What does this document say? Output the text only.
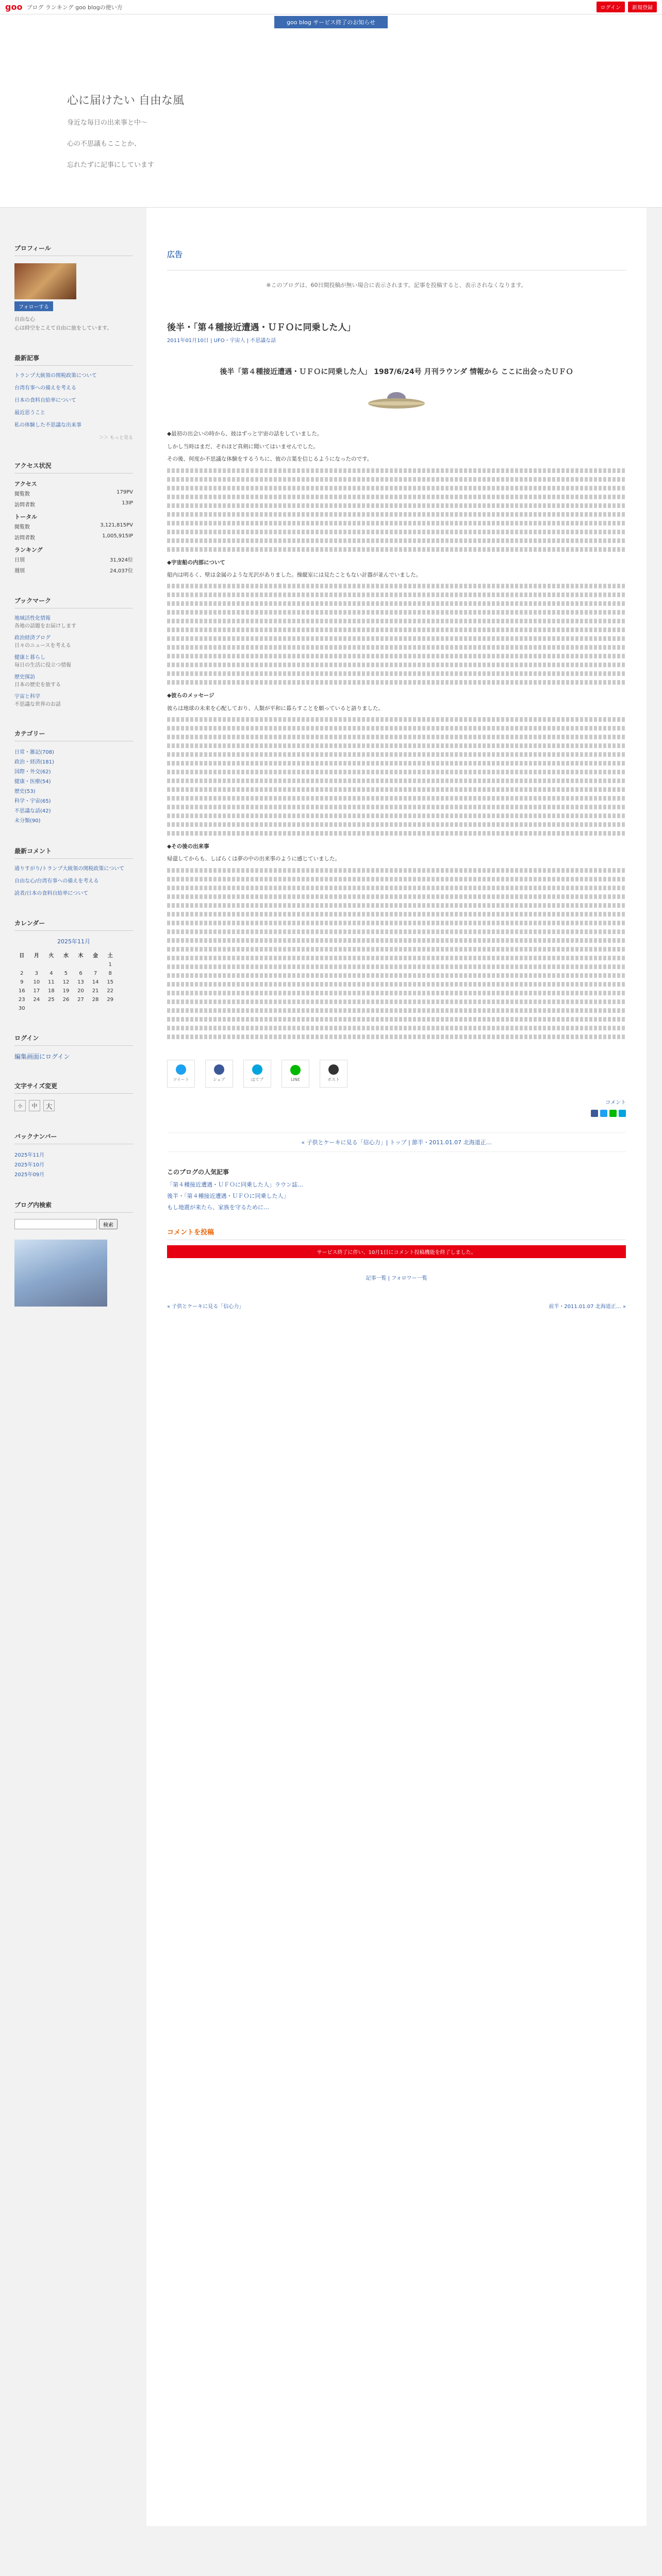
goo ブログ ランキング goo blogの使い方	ログイン	新規登録
goo blog サービス終了のお知らせ
心に届けたい 自由な風

身近な毎日の出来事と中～

心の不思議もこことか、

忘れたずに記事にしています

プロフィール
フォローする
自由な心
心は時空をこえて自由に旅をしています。
最新記事
トランプ大統領の関税政策について
台湾有事への備えを考える
日本の食料自給率について
最近思うこと
私の体験した不思議な出来事
＞＞ もっと見る
アクセス状況
アクセス
閲覧数	179PV
訪問者数	13IP
トータル
閲覧数	3,121,815PV
訪問者数	1,005,915IP
ランキング
日別	31,924位
週別	24,037位
ブックマーク
地域活性化情報
各地の話題をお届けします
政治経済ブログ
日々のニュースを考える
健康と暮らし
毎日の生活に役立つ情報
歴史探訪
日本の歴史を旅する
宇宙と科学
不思議な世界のお話
カテゴリー
日常・雑記(708)
政治・経済(181)
国際・外交(62)
健康・医療(54)
歴史(53)
科学・宇宙(65)
不思議な話(42)
未分類(90)
最新コメント
通りすがり/トランプ大統領の関税政策について
自由な心/台湾有事への備えを考える
読者/日本の食料自給率について
カレンダー
2025年11月
日	月	火	水	木	金	土
						1
2	3	4	5	6	7	8
9	10	11	12	13	14	15
16	17	18	19	20	21	22
23	24	25	26	27	28	29
30						
ログイン
編集画面にログイン
文字サイズ変更
小	中	大
バックナンバー
2025年11月
2025年10月
2025年09月
ブログ内検索
検索
広告
※このブログは、60日間投稿が無い場合に表示されます。記事を投稿すると、表示されなくなります。
後半・「第４種接近遭遇・ＵＦＯに同乗した人」
2011年01月10日 | UFO・宇宙人 | 不思議な話
後半「第４種接近遭遇・ＵＦＯに同乗した人」 1987/6/24号 月刊ラウンダ 情報から ここに出会ったＵＦＯ

◆最初の出会いの時から、彼はずっと宇宙の話をしていました。

しかし当時はまだ、それほど真剣に聞いてはいませんでした。

その後、何度か不思議な体験をするうちに、彼の言葉を信じるようになったのです。

◆宇宙船の内部について

船内は明るく、壁は金属のような光沢がありました。操縦室には見たこともない計器が並んでいました。

◆彼らのメッセージ

彼らは地球の未来を心配しており、人類が平和に暮らすことを願っていると語りました。

◆その後の出来事

帰還してからも、しばらくは夢の中の出来事のように感じていました。

ツイート	シェア	はてブ	LINE	ポスト
コメント
« 子供とケーキに見る「信心力」| トップ | 節半・2011.01.07 北海道正…
このブログの人気記事
「第４種接近遭遇・ＵＦＯに同乗した人」ラウン誌…
後半・「第４種接近遭遇・ＵＦＯに同乗した人」
もし地震が来たら、家族を守るために…
コメントを投稿
サービス終了に伴い、10月1日にコメント投稿機能を終了しました。
記事一覧 | フォロワー一覧
« 子供とケーキに見る「信心力」	前半・2011.01.07 北海道正… »
